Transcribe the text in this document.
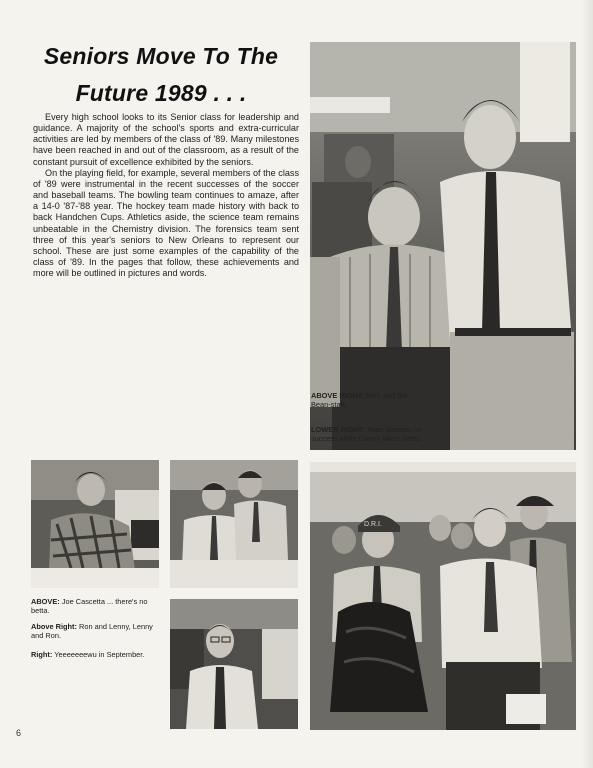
Seniors Move To The
Future 1989 . . .

Every high school looks to its Senior class for leadership and guidance. A majority of the school's sports and extra-curricular activities are led by members of the class of '89. Many milestones have been reached in and out of the classroom, as a result of the constant pursuit of excellence exhibited by the seniors.

On the playing field, for example, several members of the class of '89 were instrumental in the recent successes of the soccer and baseball teams. The bowling team continues to amaze, after a 14-0 '87-'88 year. The hockey team made history with back to back Handchen Cups. Athletics aside, the science team remains unbeatable in the Chemistry division. The forensics team sent three of this year's seniors to New Orleans to represent our school. These are just some examples of the capability of the class of '89. In the pages that follow, these achievements and more will be outlined in pictures and words.

ABOVE RIGHT: Rich and the Bean-stalk.
LOWER RIGHT: Marc dresses for success while Danny takes notes.
ABOVE: Joe Cascetta ... there's no betta.
Above Right: Ron and Lenny, Lenny and Ron.
Right: Yeeeeeeewu in September.
D.R.I.
6
